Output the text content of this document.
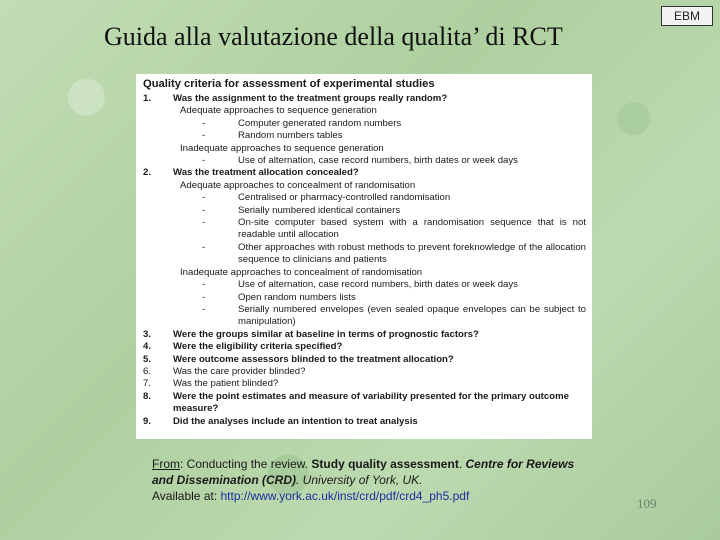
EBM
Guida alla valutazione della qualita’ di RCT
Quality criteria for assessment of experimental studies
1.	Was the assignment to the treatment groups really random?
Adequate approaches to sequence generation
-	Computer generated random numbers
-	Random numbers tables
Inadequate approaches to sequence generation
-	Use of alternation, case record numbers, birth dates or week days
2.	Was the treatment allocation concealed?
Adequate approaches to concealment of randomisation
-	Centralised or pharmacy-controlled randomisation
-	Serially numbered identical containers
-	On-site computer based system with a randomisation sequence that is not readable until allocation
-	Other approaches with robust methods to prevent foreknowledge of the allocation sequence to clinicians and patients
Inadequate approaches to concealment of randomisation
-	Use of alternation, case record numbers, birth dates or week days
-	Open random numbers lists
-	Serially numbered envelopes (even sealed opaque envelopes can be subject to manipulation)
3.	Were the groups similar at baseline in terms of prognostic factors?
4.	Were the eligibility criteria specified?
5.	Were outcome assessors blinded to the treatment allocation?
6.	Was the care provider blinded?
7.	Was the patient blinded?
8.	Were the point estimates and measure of variability presented for the primary outcome measure?
9.	Did the analyses include an intention to treat analysis
From: Conducting the review. Study quality assessment. Centre for Reviews and Dissemination (CRD). University of York, UK.
Available at: http://www.york.ac.uk/inst/crd/pdf/crd4_ph5.pdf	109
